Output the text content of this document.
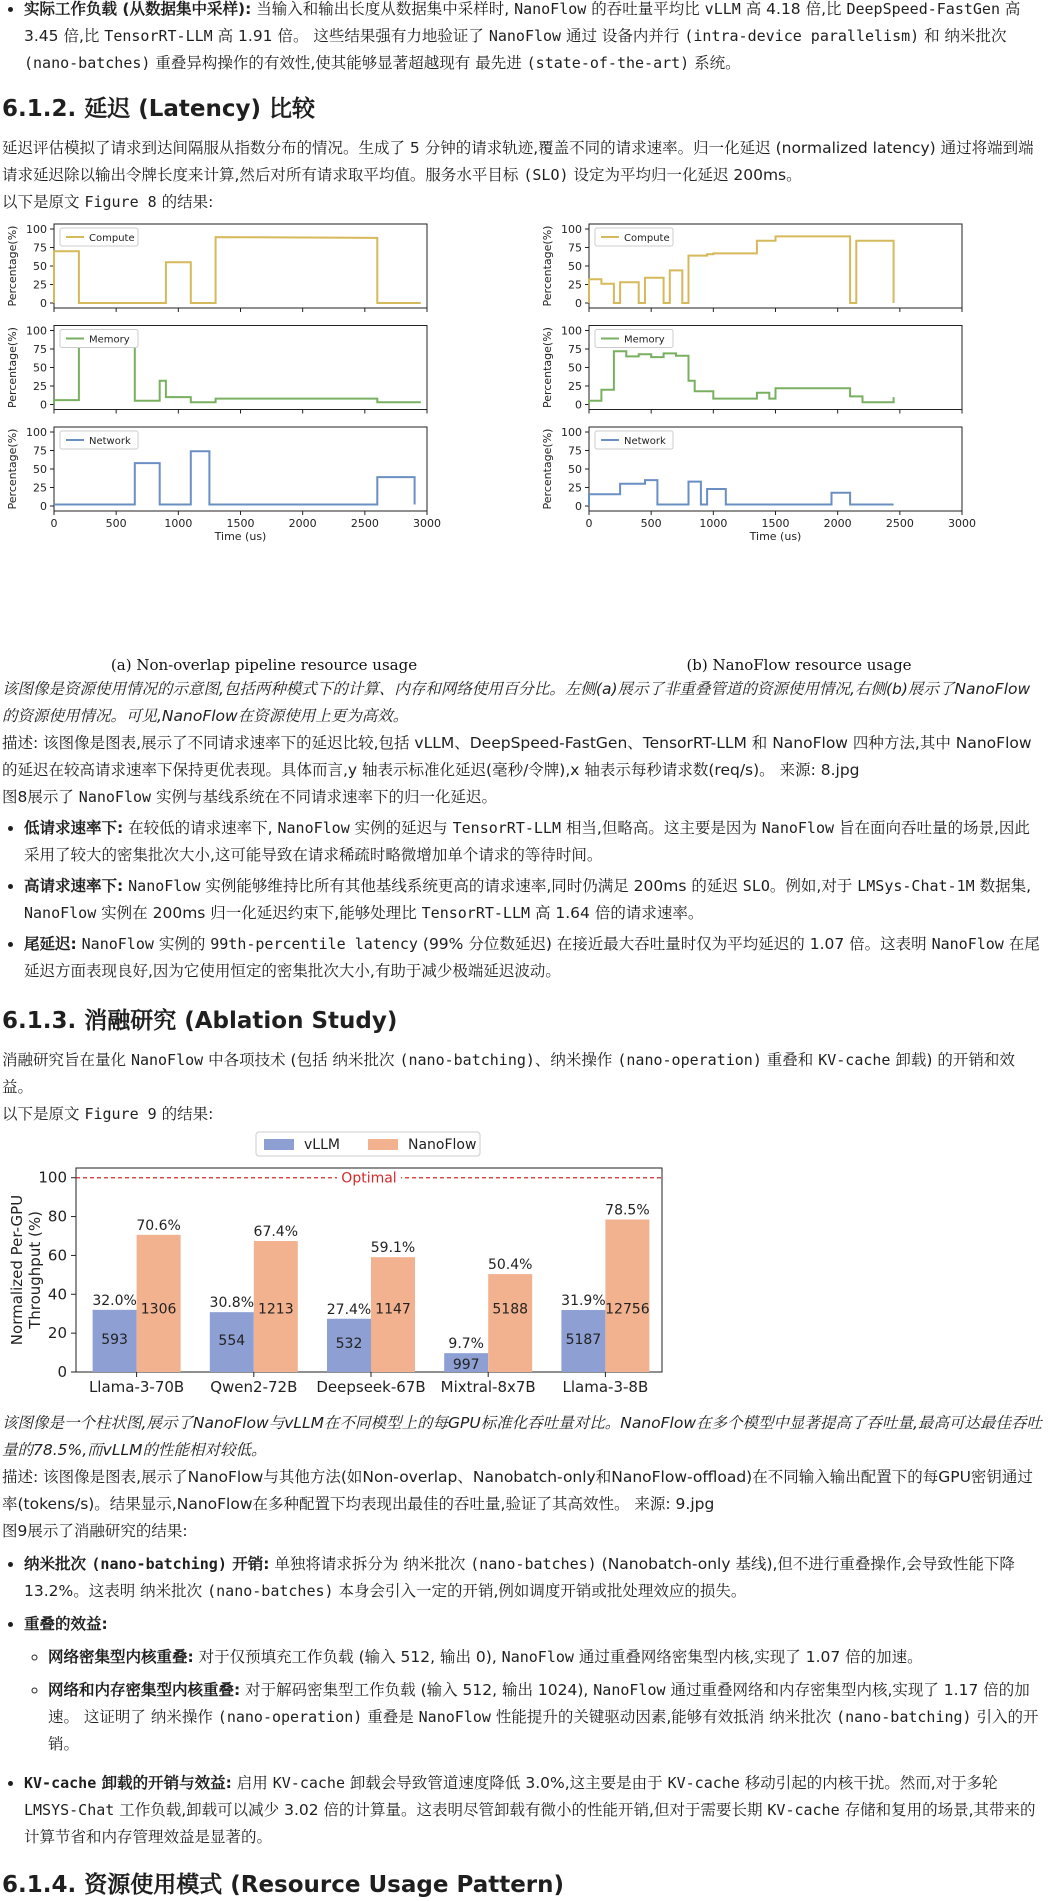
• 实际工作负载 (从数据集中采样): 当输入和输出长度从数据集中采样时, NanoFlow 的吞吐量平均比 vLLM 高 4.18 倍,比 DeepSpeed-FastGen 高 3.45 倍,比 TensorRT-LLM 高 1.91 倍。 这些结果强有力地验证了 NanoFlow 通过 设备内并行 (intra-device parallelism) 和 纳米批次 (nano-batches) 重叠异构操作的有效性,使其能够显著超越现有 最先进 (state-of-the-art) 系统。
6.1.2. 延迟 (Latency) 比较

延迟评估模拟了请求到达间隔服从指数分布的情况。生成了 5 分钟的请求轨迹,覆盖不同的请求速率。归一化延迟 (normalized latency) 通过将端到端请求延迟除以输出令牌长度来计算,然后对所有请求取平均值。服务水平目标 (SLO) 设定为平均归一化延迟 200ms。

以下是原文 Figure 8 的结果:

0
25
50
75
100
Compute
Percentage(%)
0
25
50
75
100
Memory
Percentage(%)
0
25
50
75
100
Network
Percentage(%)
0	500	1000	1500	2000	2500	3000
Time (us)
0
25
50
75
100
Compute
Percentage(%)
0
25
50
75
100
Memory
Percentage(%)
0
25
50
75
100
Network
Percentage(%)
0	500	1000	1500	2000	2500	3000
Time (us)
(a) Non-overlap pipeline resource usage	(b) NanoFlow resource usage

该图像是资源使用情况的示意图,包括两种模式下的计算、内存和网络使用百分比。左侧(a)展示了非重叠管道的资源使用情况,右侧(b)展示了NanoFlow的资源使用情况。可见,NanoFlow在资源使用上更为高效。

描述: 该图像是图表,展示了不同请求速率下的延迟比较,包括 vLLM、DeepSpeed-FastGen、TensorRT-LLM 和 NanoFlow 四种方法,其中 NanoFlow 的延迟在较高请求速率下保持更优表现。具体而言,y 轴表示标准化延迟(毫秒/令牌),x 轴表示每秒请求数(req/s)。 来源: 8.jpg

图8展示了 NanoFlow 实例与基线系统在不同请求速率下的归一化延迟。

• 低请求速率下: 在较低的请求速率下, NanoFlow 实例的延迟与 TensorRT-LLM 相当,但略高。这主要是因为 NanoFlow 旨在面向吞吐量的场景,因此采用了较大的密集批次大小,这可能导致在请求稀疏时略微增加单个请求的等待时间。
• 高请求速率下: NanoFlow 实例能够维持比所有其他基线系统更高的请求速率,同时仍满足 200ms 的延迟 SLO。例如,对于 LMSys-Chat-1M 数据集, NanoFlow 实例在 200ms 归一化延迟约束下,能够处理比 TensorRT-LLM 高 1.64 倍的请求速率。
• 尾延迟: NanoFlow 实例的 99th-percentile latency (99% 分位数延迟) 在接近最大吞吐量时仅为平均延迟的 1.07 倍。这表明 NanoFlow 在尾延迟方面表现良好,因为它使用恒定的密集批次大小,有助于减少极端延迟波动。
6.1.3. 消融研究 (Ablation Study)

消融研究旨在量化 NanoFlow 中各项技术 (包括 纳米批次 (nano-batching)、纳米操作 (nano-operation) 重叠和 KV-cache 卸载) 的开销和效益。

以下是原文 Figure 9 的结果:

0
20
40
60
80
100
Normalized Per-GPUThroughput (%)
Optimal
32.0%
70.6%
593
1306
Llama-3-70B
30.8%
67.4%
554
1213
Qwen2-72B
27.4%
59.1%
532
1147
Deepseek-67B
9.7%
50.4%
997
5188
Mixtral-8x7B
31.9%
78.5%
5187
12756
Llama-3-8B
vLLM	NanoFlow

该图像是一个柱状图,展示了NanoFlow与vLLM在不同模型上的每GPU标准化吞吐量对比。NanoFlow在多个模型中显著提高了吞吐量,最高可达最佳吞吐量的78.5%,而vLLM的性能相对较低。

描述: 该图像是图表,展示了NanoFlow与其他方法(如Non-overlap、Nanobatch-only和NanoFlow-offload)在不同输入输出配置下的每GPU密钥通过率(tokens/s)。结果显示,NanoFlow在多种配置下均表现出最佳的吞吐量,验证了其高效性。 来源: 9.jpg

图9展示了消融研究的结果:

• 纳米批次 (nano-batching) 开销: 单独将请求拆分为 纳米批次 (nano-batches) (Nanobatch-only 基线),但不进行重叠操作,会导致性能下降 13.2%。这表明 纳米批次 (nano-batches) 本身会引入一定的开销,例如调度开销或批处理效应的损失。
• 重叠的效益:
◦ 网络密集型内核重叠: 对于仅预填充工作负载 (输入 512, 输出 0), NanoFlow 通过重叠网络密集型内核,实现了 1.07 倍的加速。
◦ 网络和内存密集型内核重叠: 对于解码密集型工作负载 (输入 512, 输出 1024), NanoFlow 通过重叠网络和内存密集型内核,实现了 1.17 倍的加速。 这证明了 纳米操作 (nano-operation) 重叠是 NanoFlow 性能提升的关键驱动因素,能够有效抵消 纳米批次 (nano-batching) 引入的开销。
• KV-cache 卸载的开销与效益: 启用 KV-cache 卸载会导致管道速度降低 3.0%,这主要是由于 KV-cache 移动引起的内核干扰。然而,对于多轮 LMSYS-Chat 工作负载,卸载可以减少 3.02 倍的计算量。这表明尽管卸载有微小的性能开销,但对于需要长期 KV-cache 存储和复用的场景,其带来的计算节省和内存管理效益是显著的。
6.1.4. 资源使用模式 (Resource Usage Pattern)
